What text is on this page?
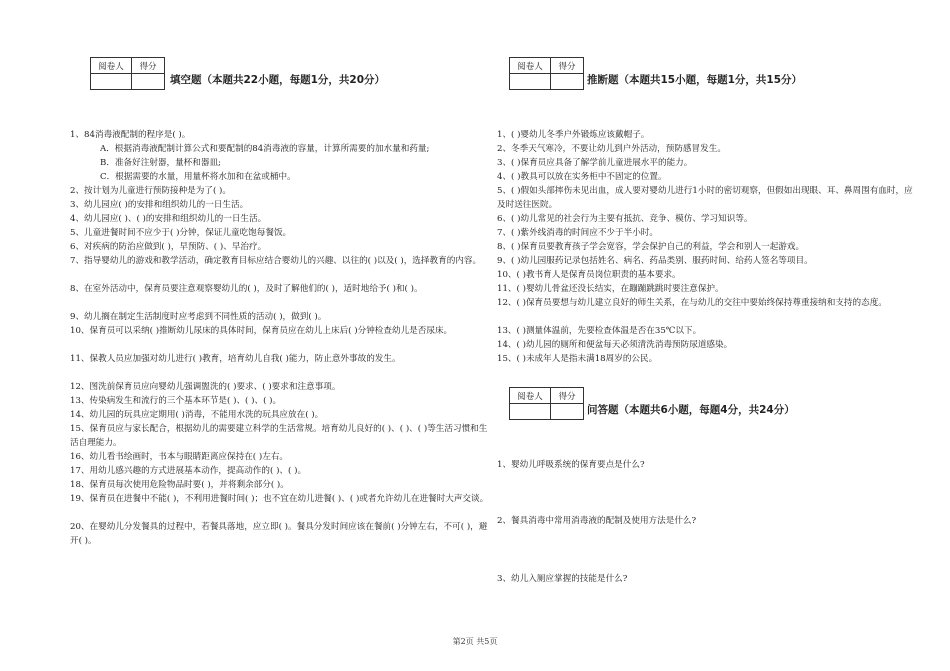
阅卷人	得分

填空题（本题共22小题，每题1分，共20分）
1、84消毒液配制的程序是( )。
A．根据消毒液配制计算公式和要配制的84消毒液的容量，计算所需要的加水量和药量;
B．准备好注射器，量杯和器皿;
C．根据需要的水量，用量杯将水加和在盆或桶中。
2、按计划为儿童进行预防接种是为了( )。
3、幼儿园应( )的安排和组织幼儿的一日生活。
4、幼儿园应( )、( )的安排和组织幼儿的一日生活。
5、儿童进餐时间不应少于( )分钟，保证儿童吃饱每餐饭。
6、对疾病的防治应做到( )，早预防、( )、早治疗。
7、指导婴幼儿的游戏和教学活动，确定教育目标应结合婴幼儿的兴趣、以往的( )以及( )，选择教育的内容。
8、在室外活动中，保育员要注意观察婴幼儿的( )，及时了解他们的( )，适时地给予( )和( )。
9、幼儿搁在制定生活制度时应考虑到不同性质的活动( )，做到( )。
10、保育员可以采纳( )推断幼儿尿床的具体时间，保育员应在幼儿上床后( )分钟检查幼儿是否尿床。
11、保教人员应加强对幼儿进行( )教育，培育幼儿自我( )能力，防止意外事故的发生。
12、图洗前保育员应向婴幼儿强调盥洗的( )要求、( )要求和注意事项。
13、传染病发生和流行的三个基本环节是( )、( )、( )。
14、幼儿园的玩具应定期用( )消毒，不能用水洗的玩具应放在( )。
15、保育员应与家长配合，根据幼儿的需要建立科学的生活常规。培育幼儿良好的( )、( )、( )等生活习惯和生活自理能力。
16、幼儿看书绘画时，书本与眼睛距离应保持在( )左右。
17、用幼儿感兴趣的方式进展基本动作，提高动作的( )、( )。
18、保育员每次使用危险物品时要( )，并将剩余部分( )。
19、保育员在进餐中不能( )，不利用进餐时间( )；也不宜在幼儿进餐( )、( )或者允许幼儿在进餐时大声交谈。
20、在婴幼儿分发餐具的过程中，若餐具落地，应立即( )。餐具分发时间应该在餐前( )分钟左右，不可( )，避开( )。
阅卷人	得分

推断题（本题共15小题，每题1分，共15分）
1、( )婴幼儿冬季户外锻炼应该戴帽子。
2、冬季天气寒冷，不要让幼儿到户外活动，预防感冒发生。
3、( )保育员应具备了解学前儿童进展水平的能力。
4、( )教具可以放在实务柜中不固定的位置。
5、( )假如头部摔伤未见出血，成人要对婴幼儿进行1小时的密切观察，但假如出现眼、耳、鼻周围有血时，应及时送往医院。
6、( )幼儿常见的社会行为主要有抵抗、竞争、模仿、学习知识等。
7、( )紫外线消毒的时间应不少于半小时。
8、( )保育员要教育孩子学会宽容，学会保护自己的利益，学会和别人一起游戏。
9、( )幼儿园服药记录包括姓名、病名、药品类别、服药时间、给药人签名等项目。
10、( )教书育人是保育员岗位职责的基本要求。
11、( )婴幼儿骨盆还没长结实，在蹦蹦跳跳时要注意保护。
12、( )保育员要想与幼儿建立良好的师生关系，在与幼儿的交往中要始终保持尊重接纳和支持的态度。
13、( )测量体温前，先要检查体温是否在35℃以下。
14、( )幼儿园的厕所和便盆每天必须清洗消毒预防尿道感染。
15、( )未成年人是指未满18周岁的公民。
阅卷人	得分

问答题（本题共6小题，每题4分，共24分）
1、婴幼儿呼吸系统的保育要点是什么?
2、餐具消毒中常用消毒液的配制及使用方法是什么?
3、幼儿入厕应掌握的技能是什么?
第2页 共5页
